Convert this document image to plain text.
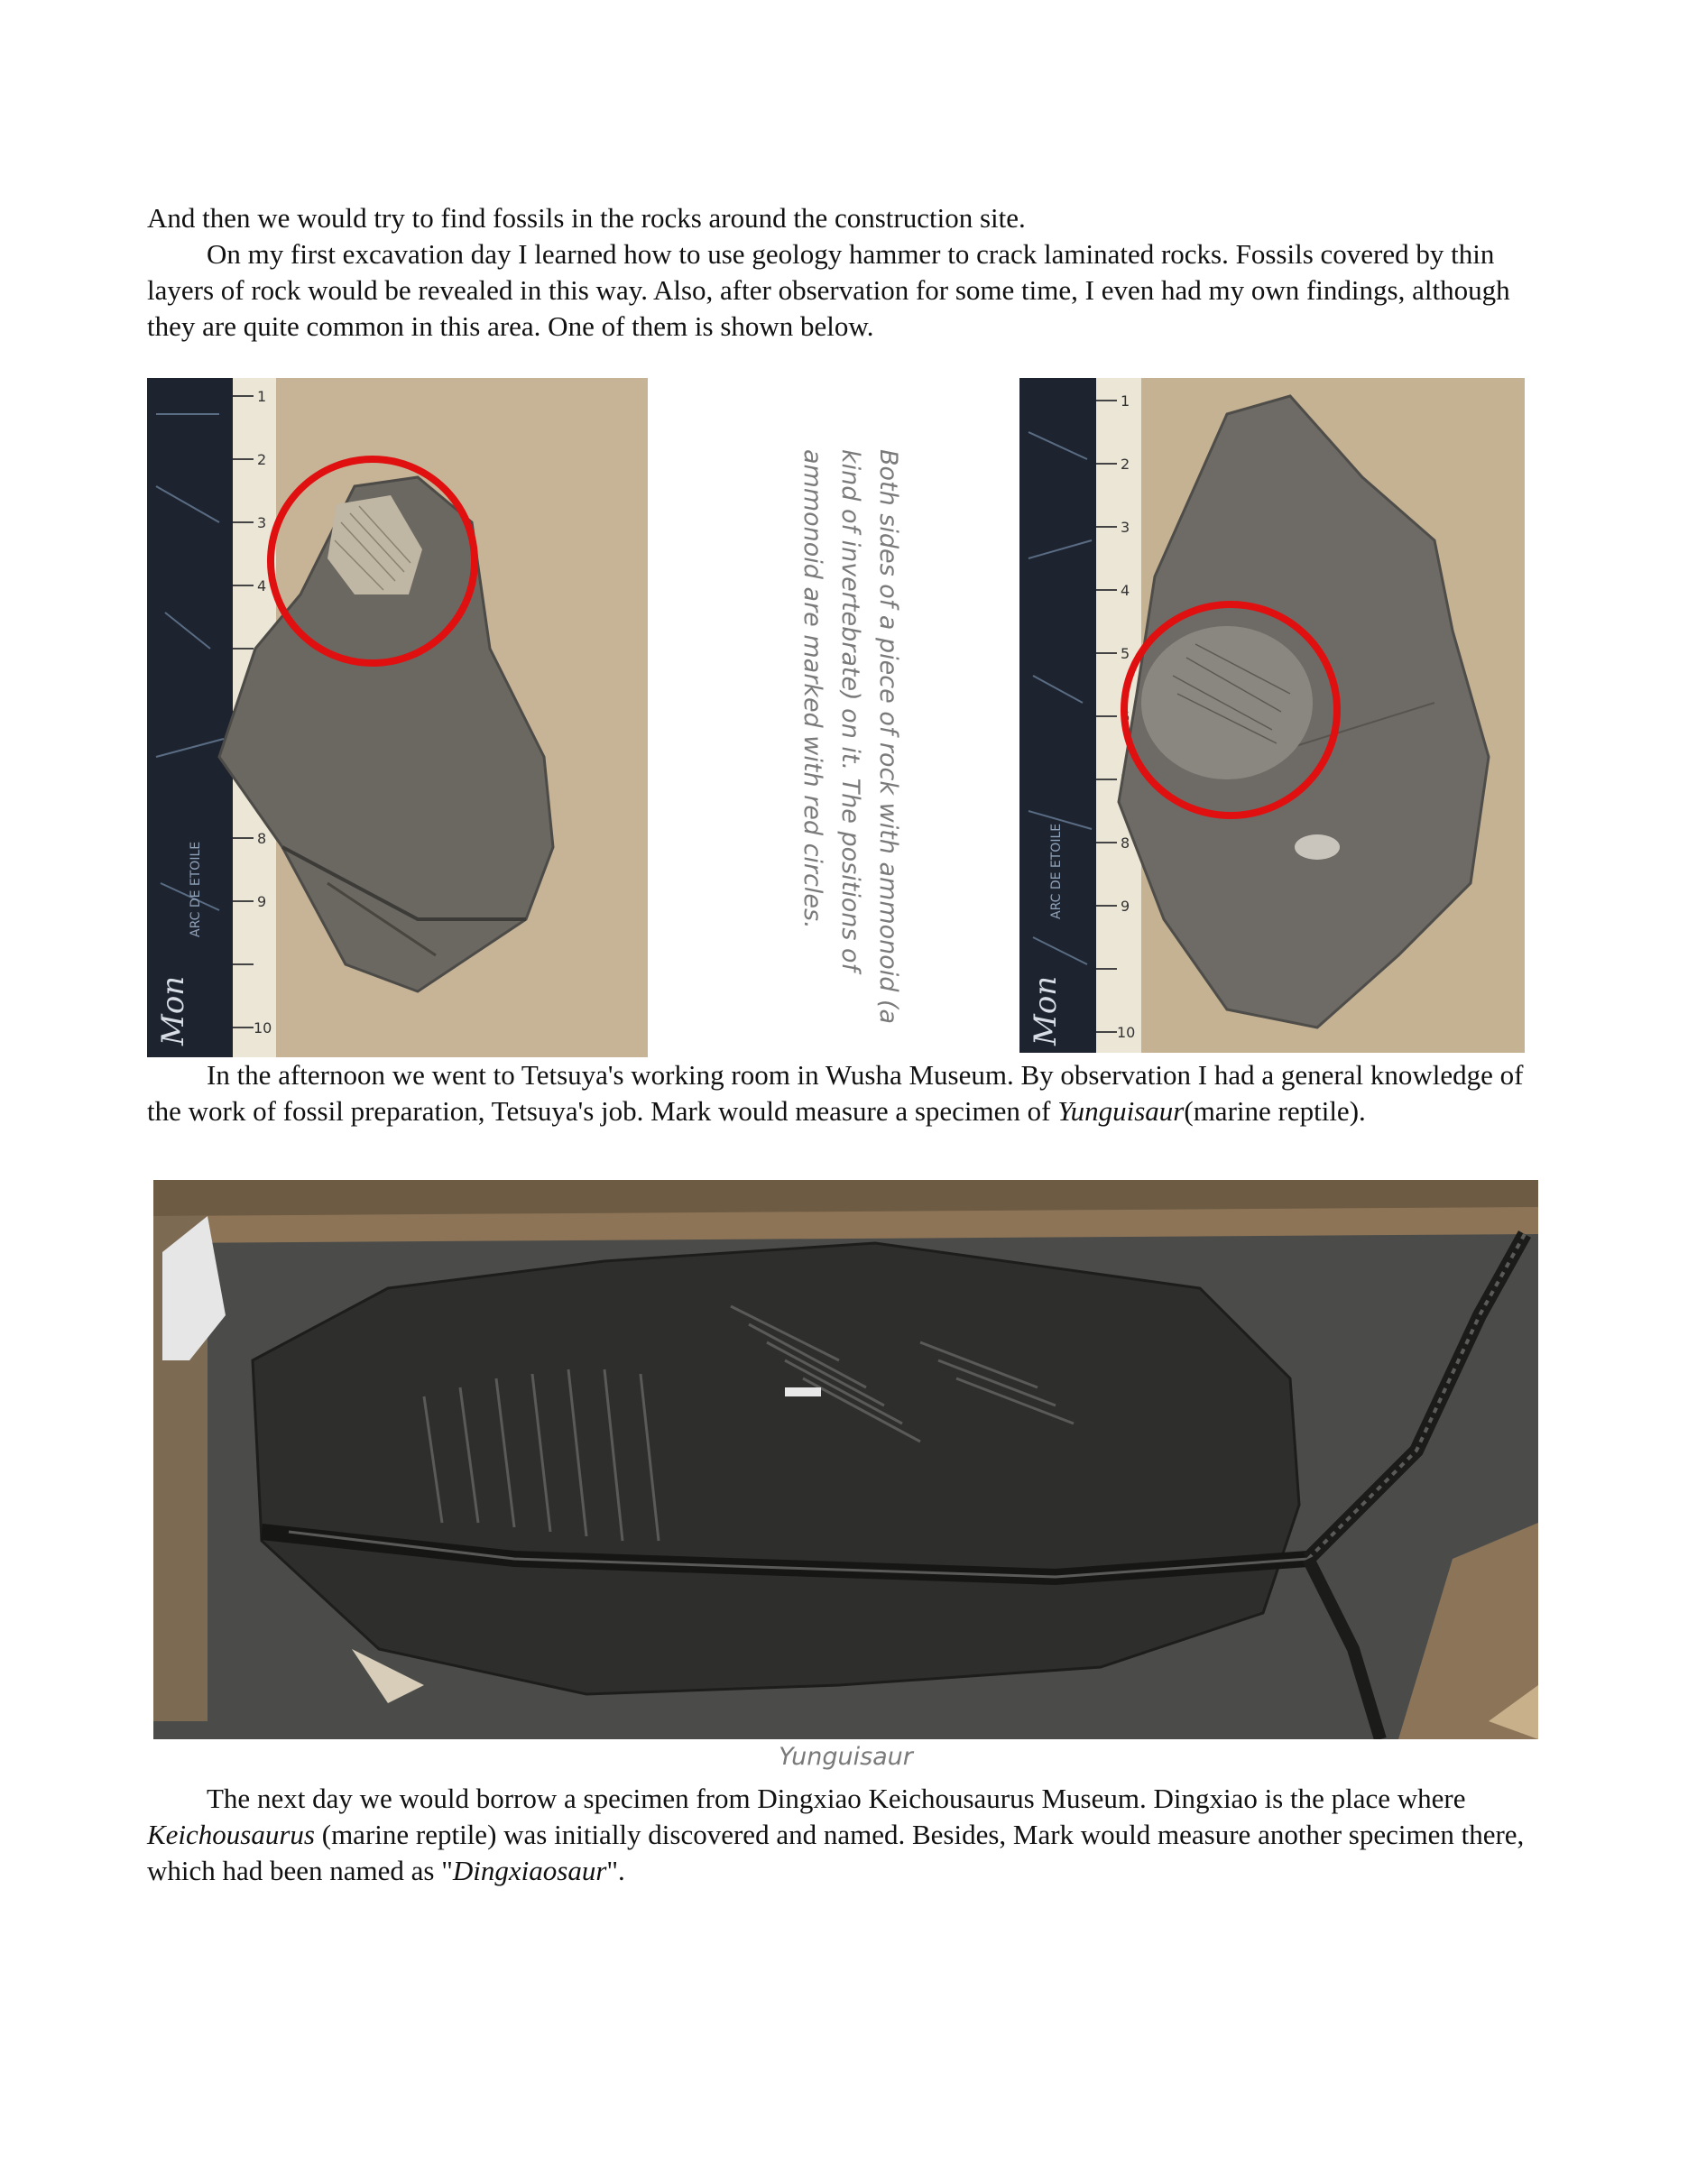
And then we would try to find fossils in the rocks around the construction site.

On my first excavation day I learned how to use geology hammer to crack laminated rocks. Fossils covered by thin layers of rock would be revealed in this way. Also, after observation for some time, I even had my own findings, although they are quite common in this area. One of them is shown below.

1
2
3
4
8
9
10
ARC DE ETOILE
Mon	Both sides of a piece of rock with ammonoid (a kind of invertebrate) on it. The positions of ammonoid are marked with red circles.
1
2
3
4
5
6
8
9
10
ARC DE ETOILE
Mon

In the afternoon we went to Tetsuya's working room in Wusha Museum. By observation I had a general knowledge of the work of fossil preparation, Tetsuya's job. Mark would measure a specimen of Yunguisaur(marine reptile).

Yunguisaur

The next day we would borrow a specimen from Dingxiao Keichousaurus Museum. Dingxiao is the place where Keichousaurus (marine reptile) was initially discovered and named. Besides, Mark would measure another specimen there, which had been named as "Dingxiaosaur".
